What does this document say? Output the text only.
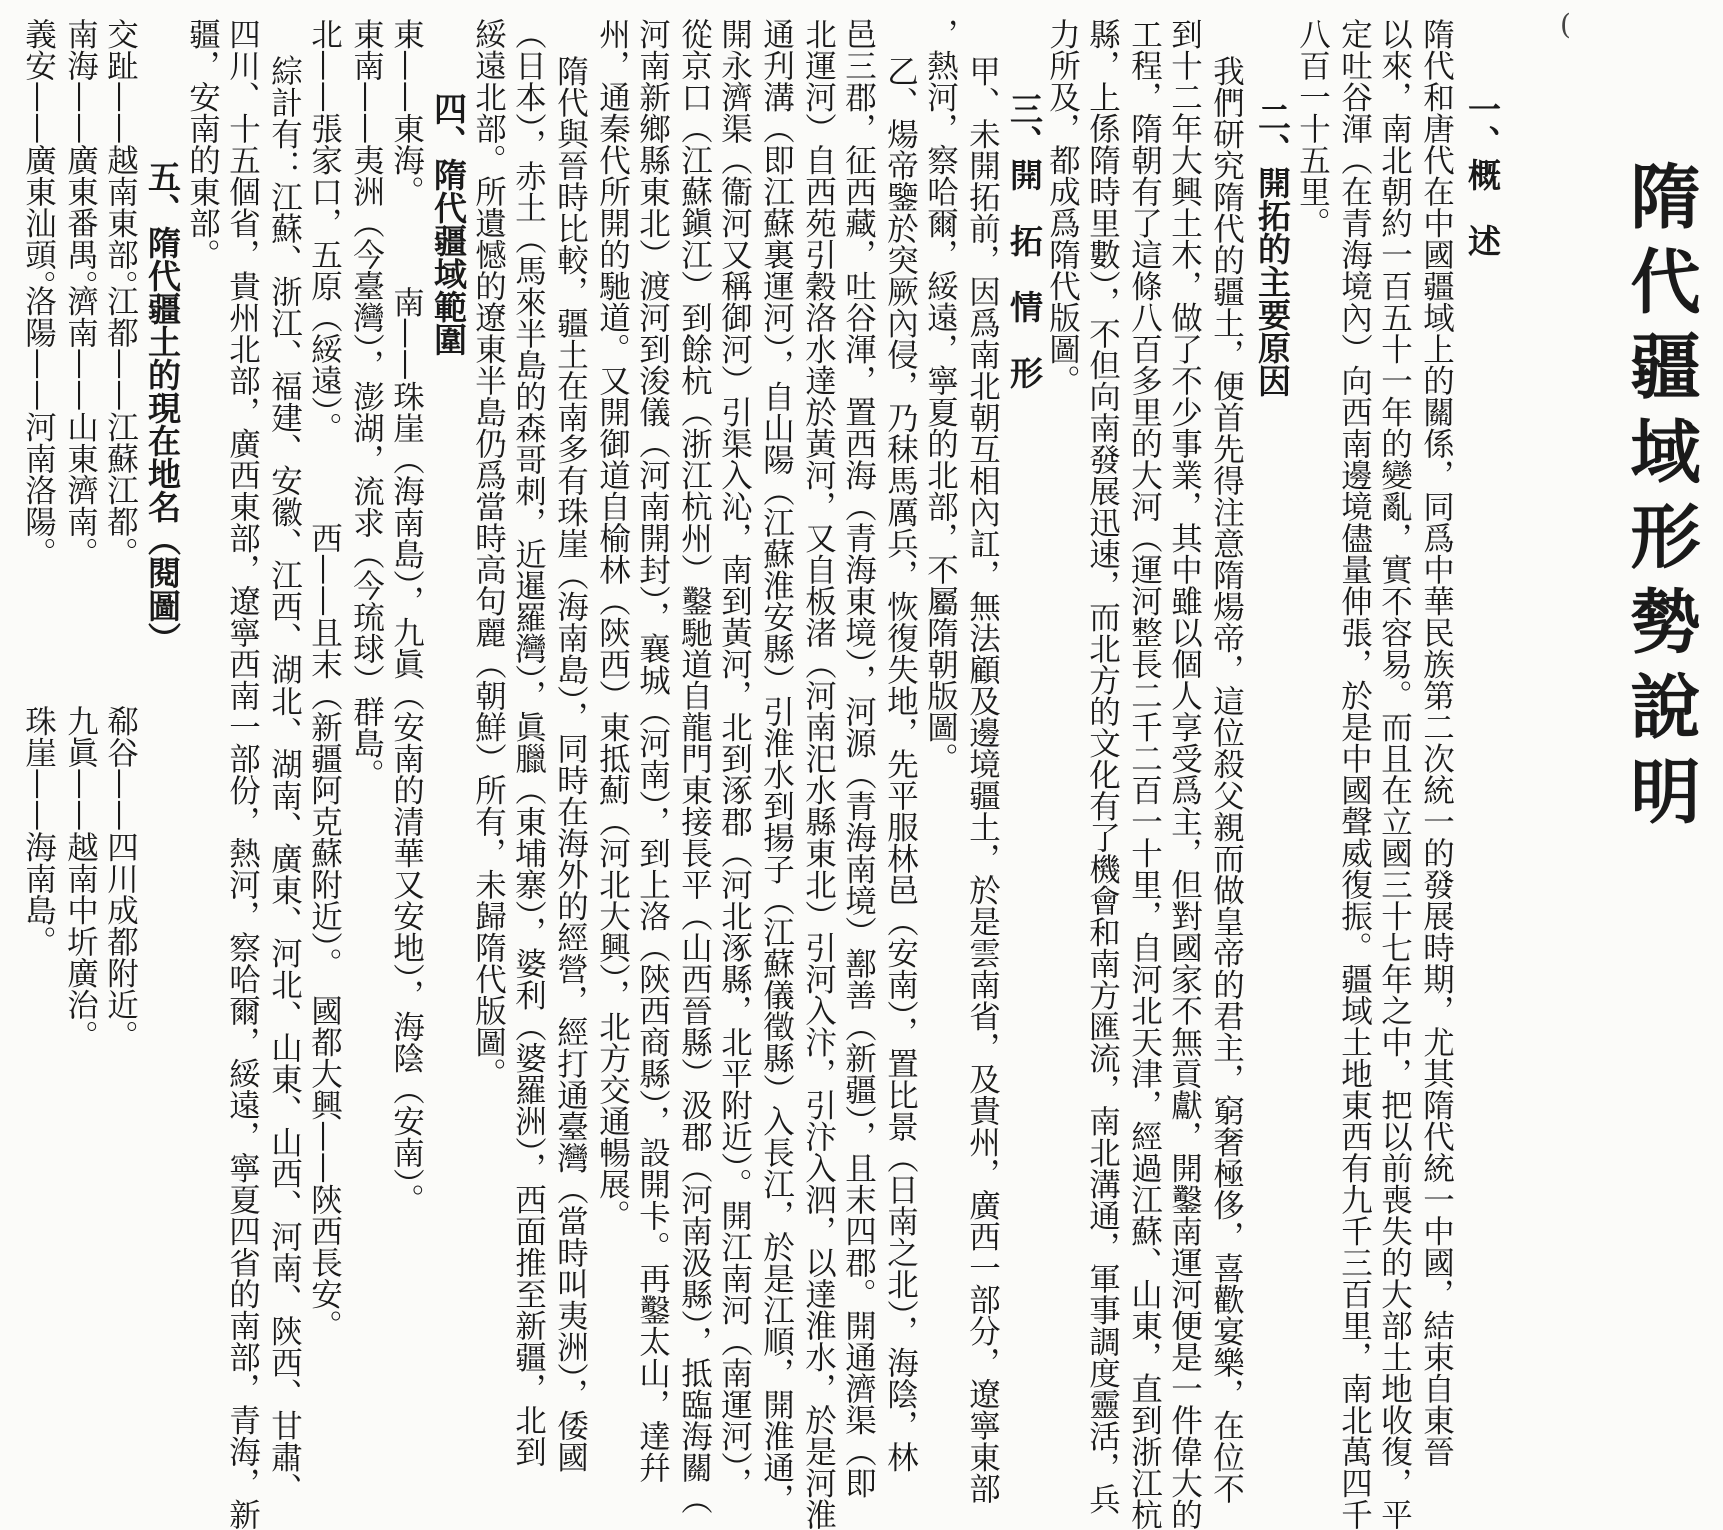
(
隋代疆域形勢說明
一、概　述
隋代和唐代在中國疆域上的關係，同爲中華民族第二次統一的發展時期，尤其隋代統一中國，結束自東晉
以來，南北朝約一百五十一年的變亂，實不容易。而且在立國三十七年之中，把以前喪失的大部土地收復，平
定吐谷渾（在青海境內）向西南邊境儘量伸張，於是中國聲威復振。疆域土地東西有九千三百里，南北萬四千
八百一十五里。
二、開拓的主要原因
我們研究隋代的疆土，便首先得注意隋煬帝，這位殺父親而做皇帝的君主，窮奢極侈，喜歡宴樂，在位不
到十二年大興土木，做了不少事業，其中雖以個人享受爲主，但對國家不無貢獻，開鑿南運河便是一件偉大的
工程，隋朝有了這條八百多里的大河（運河整長二千二百一十里，自河北天津，經過江蘇、山東，直到浙江杭
縣，上係隋時里數），不但向南發展迅速，而北方的文化有了機會和南方匯流，南北溝通，軍事調度靈活，兵
力所及，都成爲隋代版圖。
三、開　拓　情　形
甲、未開拓前，因爲南北朝互相內訌，無法顧及邊境疆土，於是雲南省，及貴州，廣西一部分，遼寧東部
，熱河，察哈爾，綏遠，寧夏的北部，不屬隋朝版圖。
乙、煬帝鑒於突厥內侵，乃秣馬厲兵，恢復失地，先平服林邑（安南），置比景（日南之北），海陰，林
邑三郡，征西藏，吐谷渾，置西海（青海東境），河源（青海南境）鄯善（新疆），且末四郡。開通濟渠（即
北運河）自西苑引穀洛水達於黃河，又自板渚（河南汜水縣東北）引河入汴，引汴入泗，以達淮水，於是河淮
通刋溝（即江蘇裏運河），自山陽（江蘇淮安縣）引淮水到揚子（江蘇儀徵縣）入長江，於是江順，開淮通，
開永濟渠（衞河又稱御河）引渠入沁，南到黃河，北到涿郡（河北涿縣，北平附近）。開江南河（南運河），
從京口（江蘇鎭江）到餘杭（浙江杭州）鑿馳道自龍門東接長平（山西晉縣）汲郡（河南汲縣），抵臨海關（
河南新鄉縣東北）渡河到浚儀（河南開封），襄城（河南），到上洛（陝西商縣），設開卡。再鑿太山，達幷
州，通秦代所開的馳道。又開御道自榆林（陝西）東抵薊（河北大興），北方交通暢展。
隋代與晉時比較，疆土在南多有珠崖（海南島），同時在海外的經營，經打通臺灣（當時叫夷洲），倭國
（日本），赤土（馬來半島的森哥刺，近暹羅灣），眞臘（東埔寨），婆利（婆羅洲），西面推至新疆，北到
綏遠北部。所遺憾的遼東半島仍爲當時高句麗（朝鮮）所有，未歸隋代版圖。
四、隋代疆域範圍
東——東海。　　　南——珠崖（海南島），九眞（安南的清華又安地），海陰（安南）。
東南——夷洲（今臺灣），澎湖，流求（今琉球）群島。
北——張家口，五原（綏遠）。　　　西——且末（新疆阿克蘇附近）。　國都大興——陝西長安。
綜計有：江蘇、浙江、福建、安徽、江西、湖北、湖南、廣東、河北、山東、山西、河南、陝西、甘肅、
四川、十五個省，貴州北部，廣西東部，遼寧西南一部份，熱河，察哈爾，綏遠，寧夏四省的南部，青海，新
疆，安南的東部。
五、隋代疆土的現在地名（閱圖）
交趾——越南東部。
江都——江蘇江都。
郗谷——四川成都附近。
南海——廣東番禺。
濟南——山東濟南。
九眞——越南中圻廣治。
義安——廣東汕頭。
洛陽——河南洛陽。
珠崖——海南島。
